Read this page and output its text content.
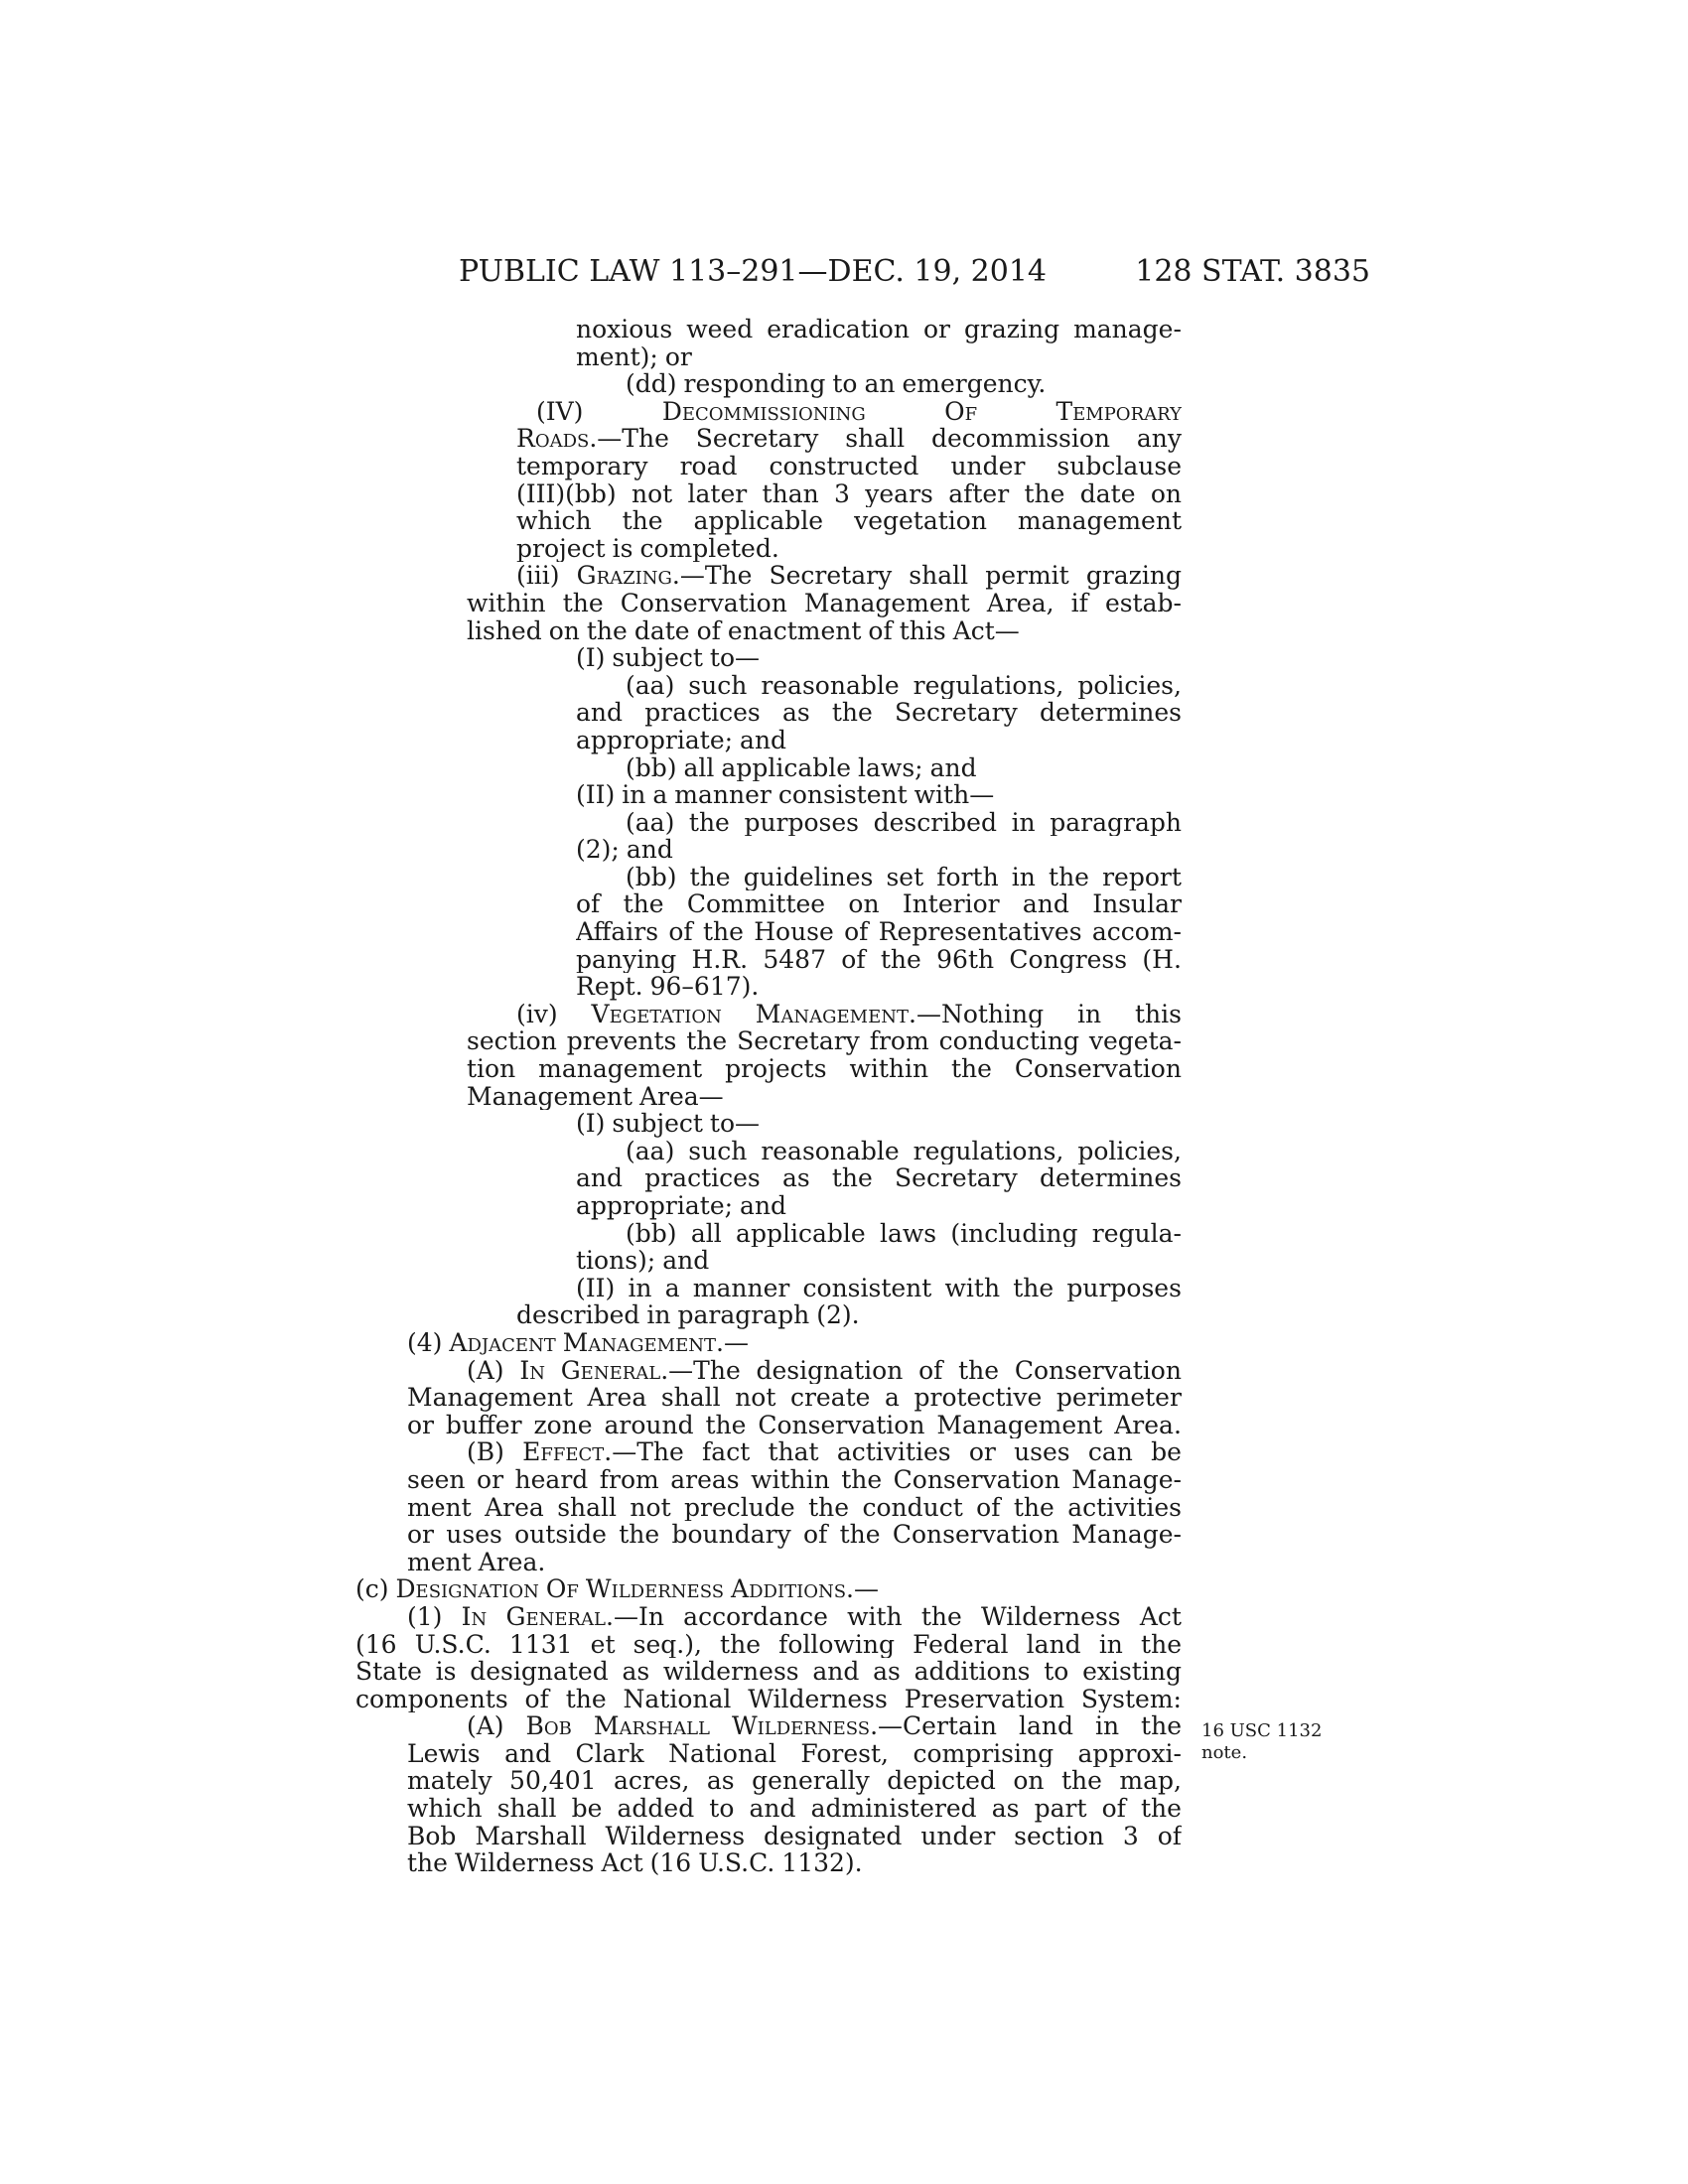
PUBLIC LAW 113–291—DEC. 19, 2014	128 STAT. 3835
noxious weed eradication or grazing manage-
ment); or
(dd) responding to an emergency.
(IV)	Decommissioning	Of	Temporary
Roads.—The Secretary shall decommission any
temporary road constructed under subclause
(III)(bb) not later than 3 years after the date on
which the applicable vegetation management
project is completed.
(iii) Grazing.—The Secretary shall permit grazing
within the Conservation Management Area, if estab-
lished on the date of enactment of this Act—
(I) subject to—
(aa) such reasonable regulations, policies,
and practices as the Secretary determines
appropriate; and
(bb) all applicable laws; and
(II) in a manner consistent with—
(aa) the purposes described in paragraph
(2); and
(bb) the guidelines set forth in the report
of the Committee on Interior and Insular
Affairs of the House of Representatives accom-
panying H.R. 5487 of the 96th Congress (H.
Rept. 96–617).
(iv) Vegetation Management.—Nothing in this
section prevents the Secretary from conducting vegeta-
tion management projects within the Conservation
Management Area—
(I) subject to—
(aa) such reasonable regulations, policies,
and practices as the Secretary determines
appropriate; and
(bb) all applicable laws (including regula-
tions); and
(II) in a manner consistent with the purposes
described in paragraph (2).
(4) Adjacent Management.—
(A) In General.—The designation of the Conservation
Management Area shall not create a protective perimeter
or buffer zone around the Conservation Management Area.
(B) Effect.—The fact that activities or uses can be
seen or heard from areas within the Conservation Manage-
ment Area shall not preclude the conduct of the activities
or uses outside the boundary of the Conservation Manage-
ment Area.
(c) Designation Of Wilderness Additions.—
(1) In General.—In accordance with the Wilderness Act
(16 U.S.C. 1131 et seq.), the following Federal land in the
State is designated as wilderness and as additions to existing
components of the National Wilderness Preservation System:
(A) Bob Marshall Wilderness.—Certain land in the
Lewis and Clark National Forest, comprising approxi-
mately 50,401 acres, as generally depicted on the map,
which shall be added to and administered as part of the
Bob Marshall Wilderness designated under section 3 of
the Wilderness Act (16 U.S.C. 1132).
16 USC 1132
note.
